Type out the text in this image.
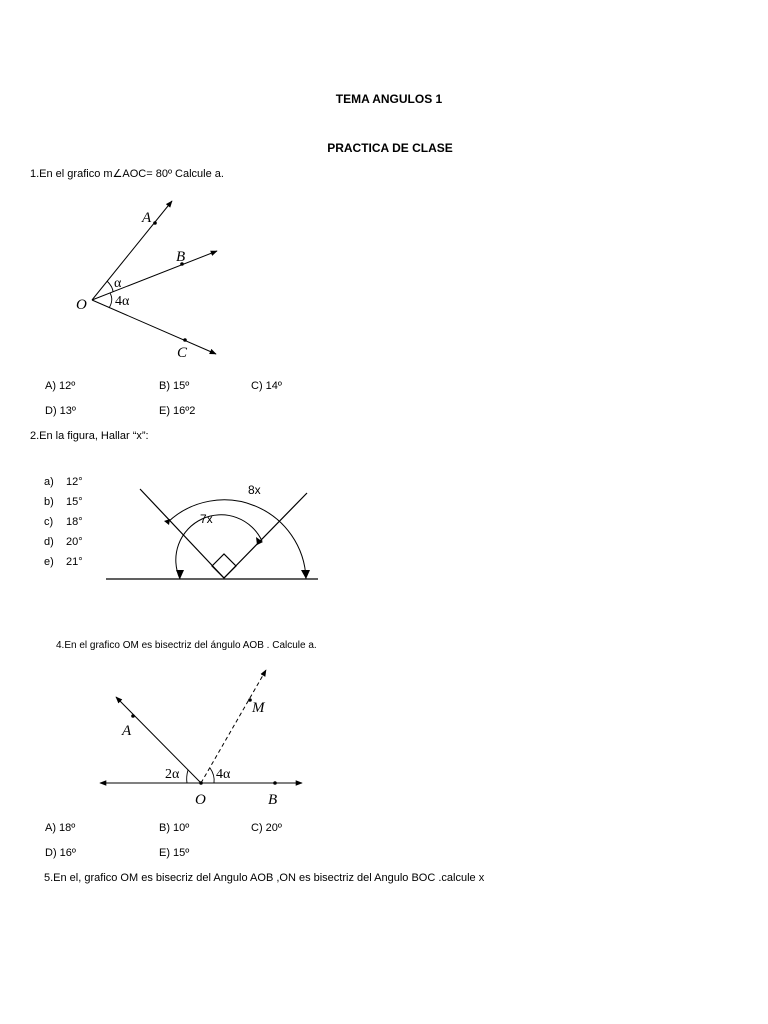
TEMA ANGULOS 1
PRACTICA DE CLASE
1.En el grafico m∠AOC= 80º Calcule a.
A
B
C
O
α
4α
A) 12º	B) 15º	C) 14º
D) 13º	E) 16º2
2.En la figura, Hallar “x”:
a) 12°
b) 15°
c) 18°
d) 20°
e) 21°
8x
7x
4.En el grafico OM es bisectriz del ángulo AOB . Calcule a.
A
M
O	B
2α	4α
A) 18º	B) 10º	C) 20º
D) 16º	E) 15º
5.En el, grafico OM es bisecriz del Angulo AOB ,ON es bisectriz del Angulo BOC .calcule x
